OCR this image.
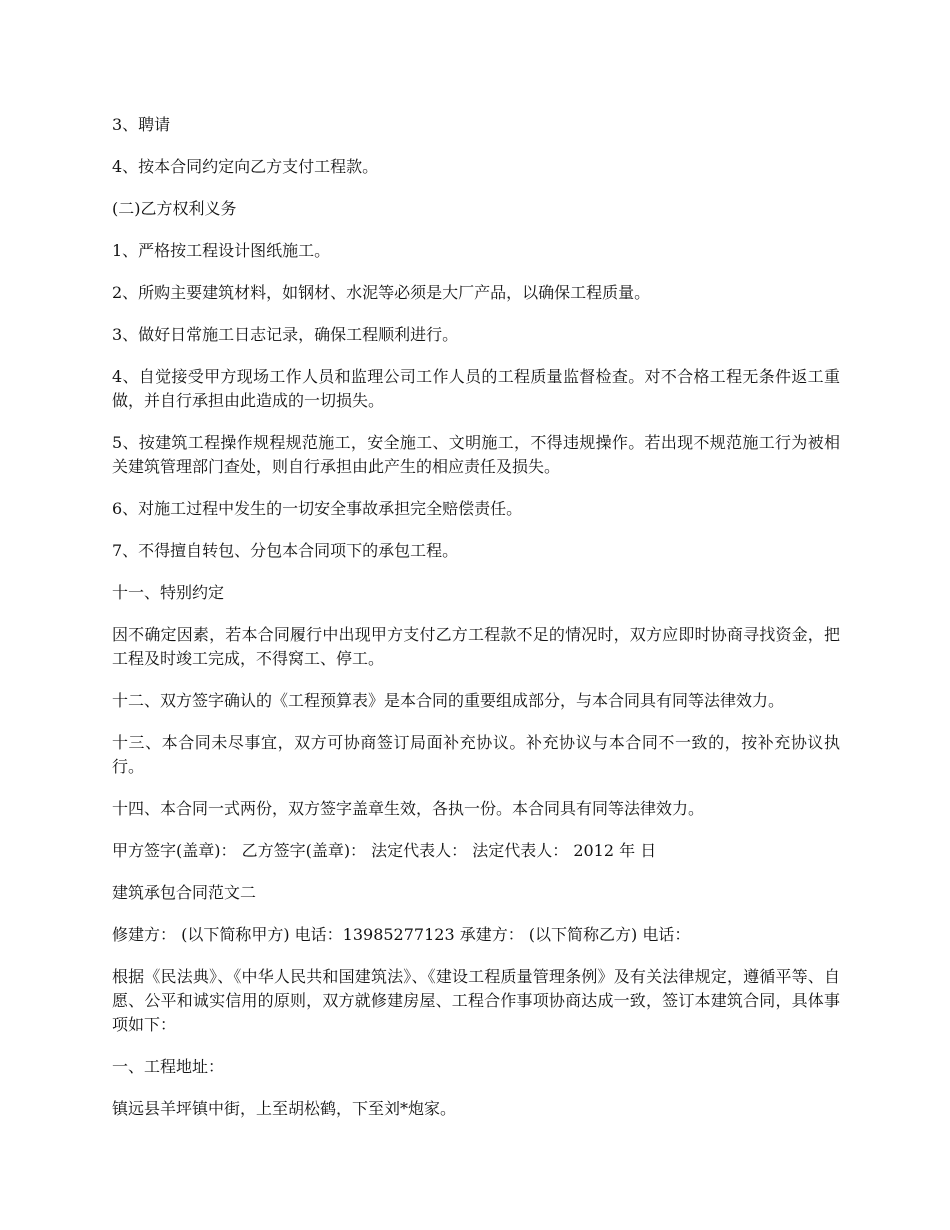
3、聘请

4、按本合同约定向乙方支付工程款。

(二)乙方权利义务

1、严格按工程设计图纸施工。

2、所购主要建筑材料，如钢材、水泥等必须是大厂产品，以确保工程质量。

3、做好日常施工日志记录，确保工程顺利进行。

4、自觉接受甲方现场工作人员和监理公司工作人员的工程质量监督检查。对不合格工程无条件返工重做，并自行承担由此造成的一切损失。

5、按建筑工程操作规程规范施工，安全施工、文明施工，不得违规操作。若出现不规范施工行为被相关建筑管理部门查处，则自行承担由此产生的相应责任及损失。

6、对施工过程中发生的一切安全事故承担完全赔偿责任。

7、不得擅自转包、分包本合同项下的承包工程。

十一、特别约定

因不确定因素，若本合同履行中出现甲方支付乙方工程款不足的情况时，双方应即时协商寻找资金，把工程及时竣工完成，不得窝工、停工。

十二、双方签字确认的《工程预算表》是本合同的重要组成部分，与本合同具有同等法律效力。

十三、本合同未尽事宜，双方可协商签订局面补充协议。补充协议与本合同不一致的，按补充协议执行。

十四、本合同一式两份，双方签字盖章生效，各执一份。本合同具有同等法律效力。

甲方签字(盖章)： 乙方签字(盖章)： 法定代表人： 法定代表人： 2012 年 日

建筑承包合同范文二

修建方： (以下简称甲方) 电话：13985277123 承建方： (以下简称乙方) 电话：

根据《民法典》、《中华人民共和国建筑法》、《建设工程质量管理条例》及有关法律规定，遵循平等、自愿、公平和诚实信用的原则，双方就修建房屋、工程合作事项协商达成一致，签订本建筑合同，具体事项如下：

一、工程地址：

镇远县羊坪镇中街，上至胡松鹤，下至刘*炮家。
